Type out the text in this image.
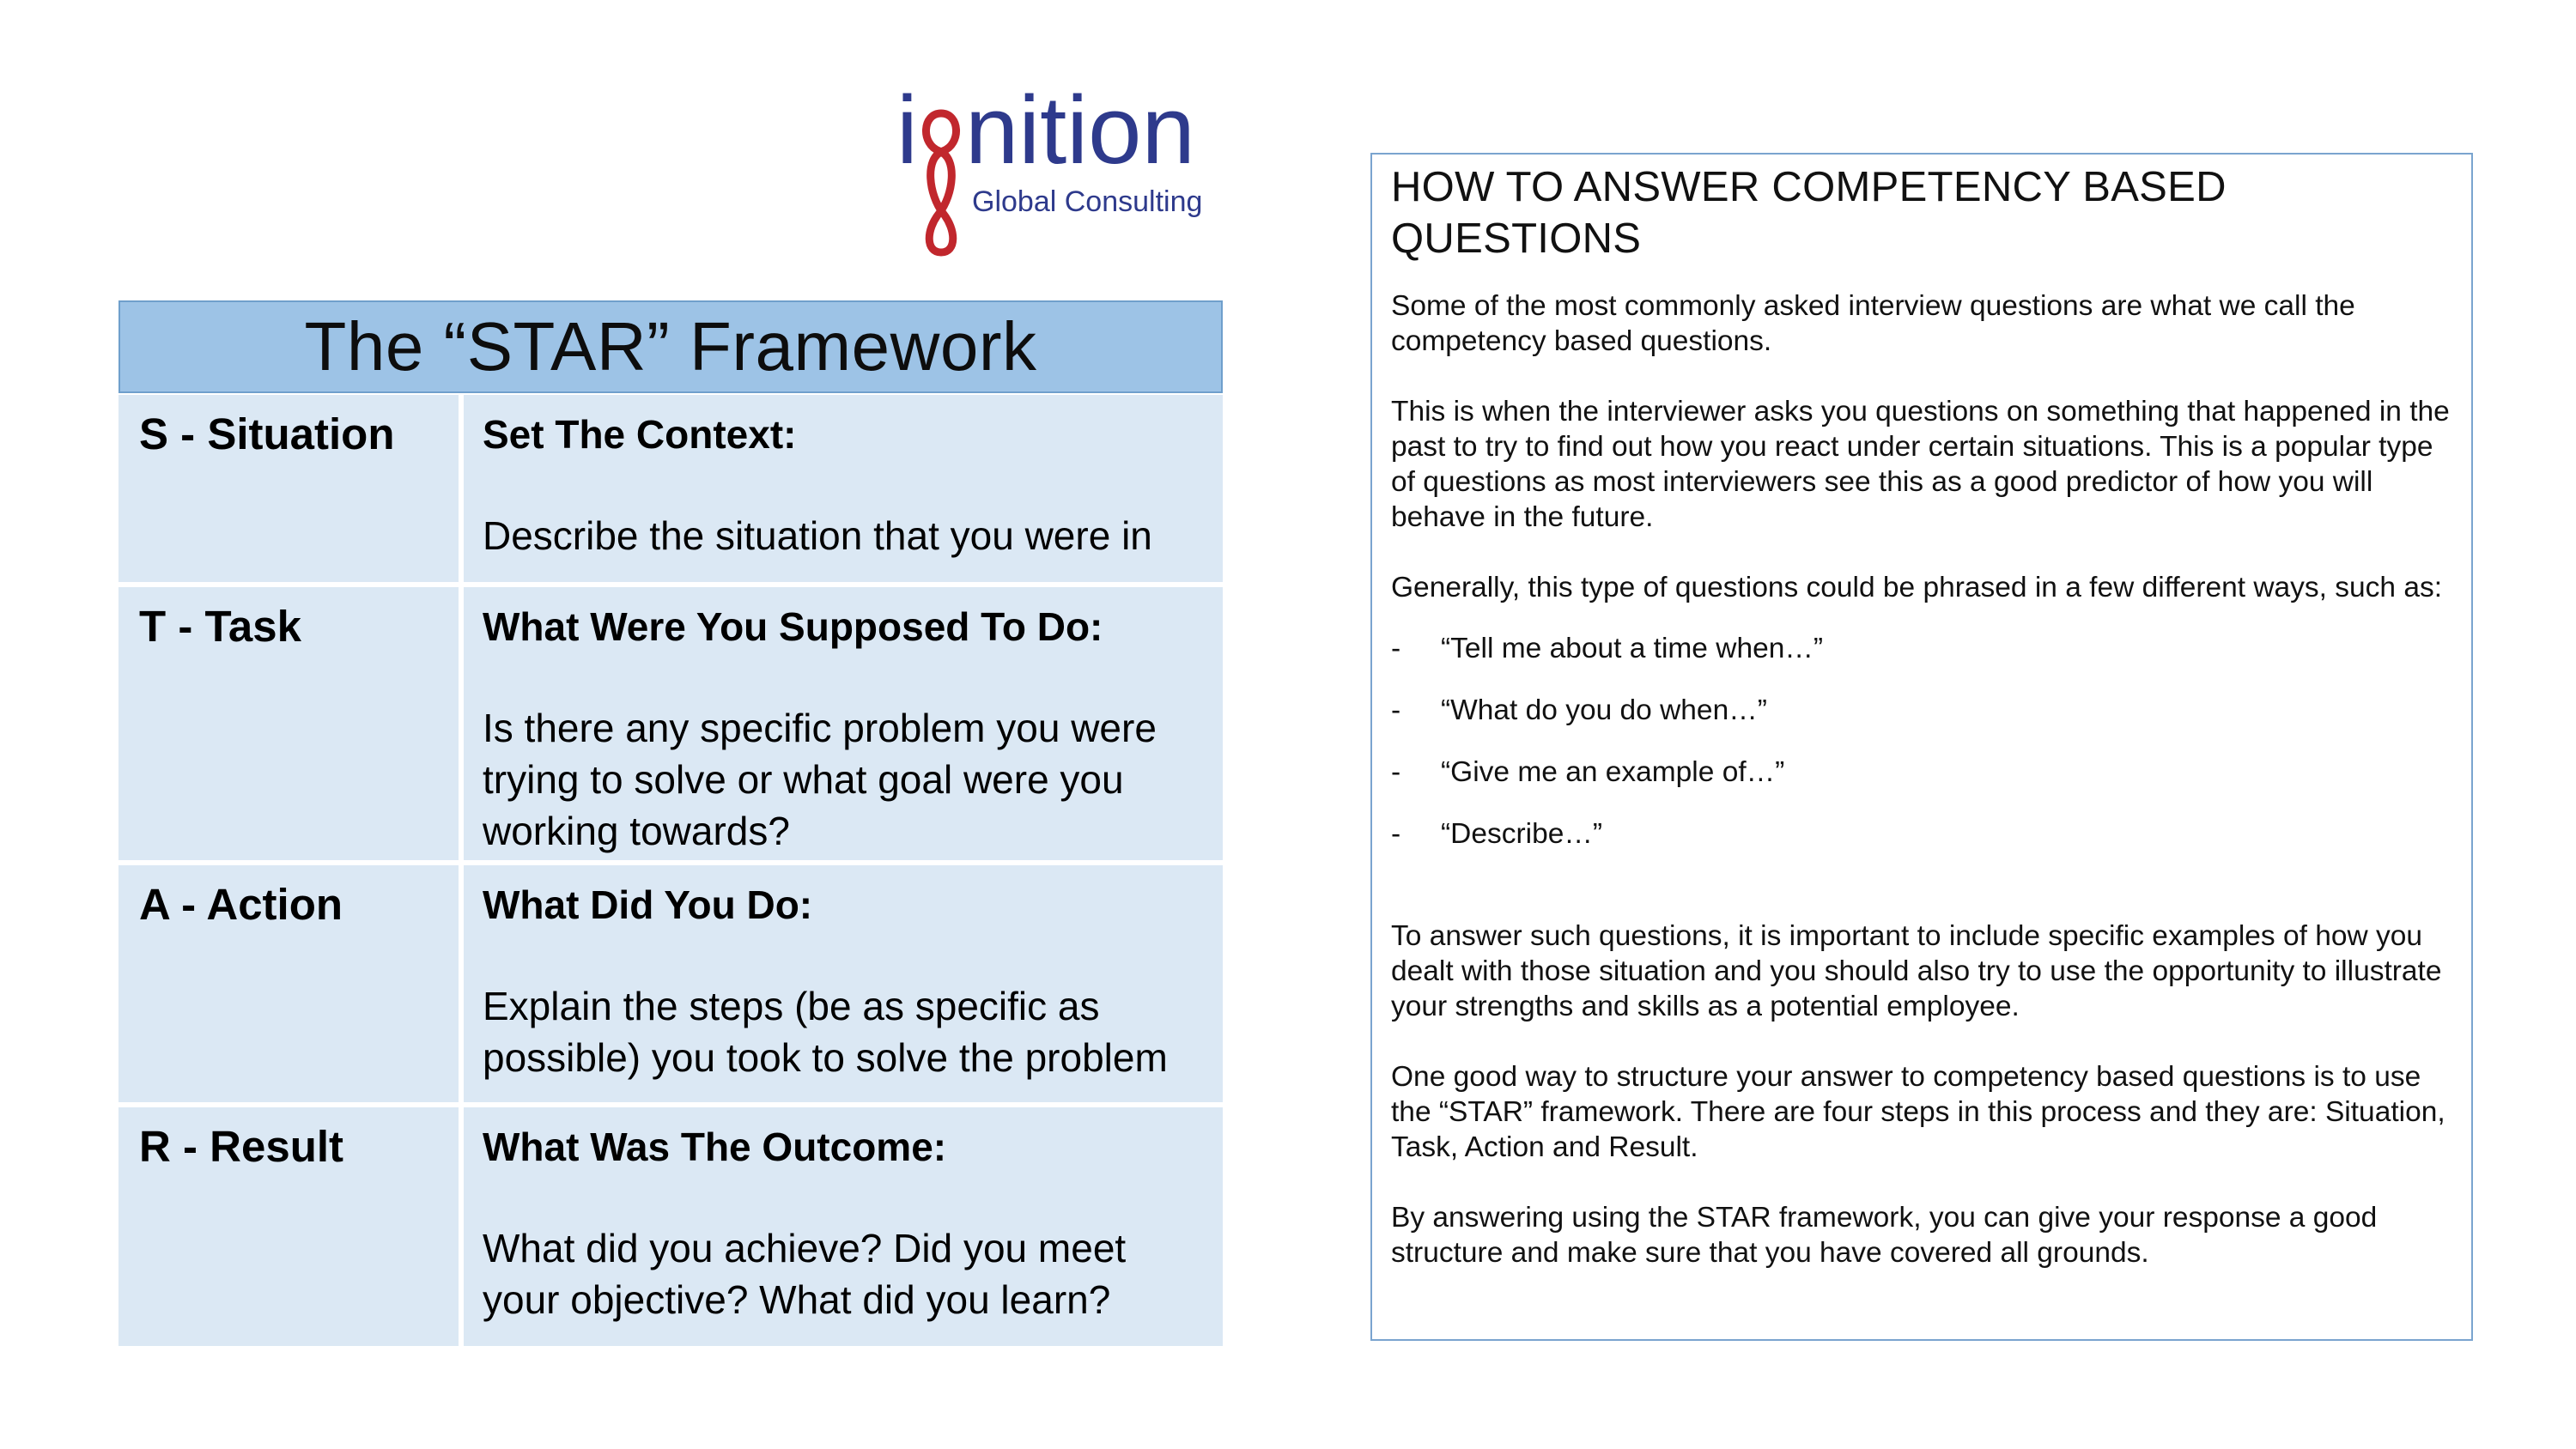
i nition
Global Consulting
The “STAR” Framework
S - Situation	Set The Context:
Describe the situation that you were in
T - Task	What Were You Supposed To Do:
Is there any specific problem you were trying to solve or what goal were you working towards?
A - Action	What Did You Do:
Explain the steps (be as specific as possible) you took to solve the problem
R - Result	What Was The Outcome:
What did you achieve? Did you meet your objective? What did you learn?
HOW TO ANSWER COMPETENCY BASED QUESTIONS

Some of the most commonly asked interview questions are what we call the competency based questions.

This is when the interviewer asks you questions on something that happened in the past to try to find out how you react under certain situations. This is a popular type of questions as most interviewers see this as a good predictor of how you will behave in the future.

Generally, this type of questions could be phrased in a few different ways, such as:

-	“Tell me about a time when…”
-	“What do you do when…”
-	“Give me an example of…”
-	“Describe…”

To answer such questions, it is important to include specific examples of how you dealt with those situation and you should also try to use the opportunity to illustrate your strengths and skills as a potential employee.

One good way to structure your answer to competency based questions is to use the “STAR” framework. There are four steps in this process and they are: Situation, Task, Action and Result.

By answering using the STAR framework, you can give your response a good structure and make sure that you have covered all grounds.
